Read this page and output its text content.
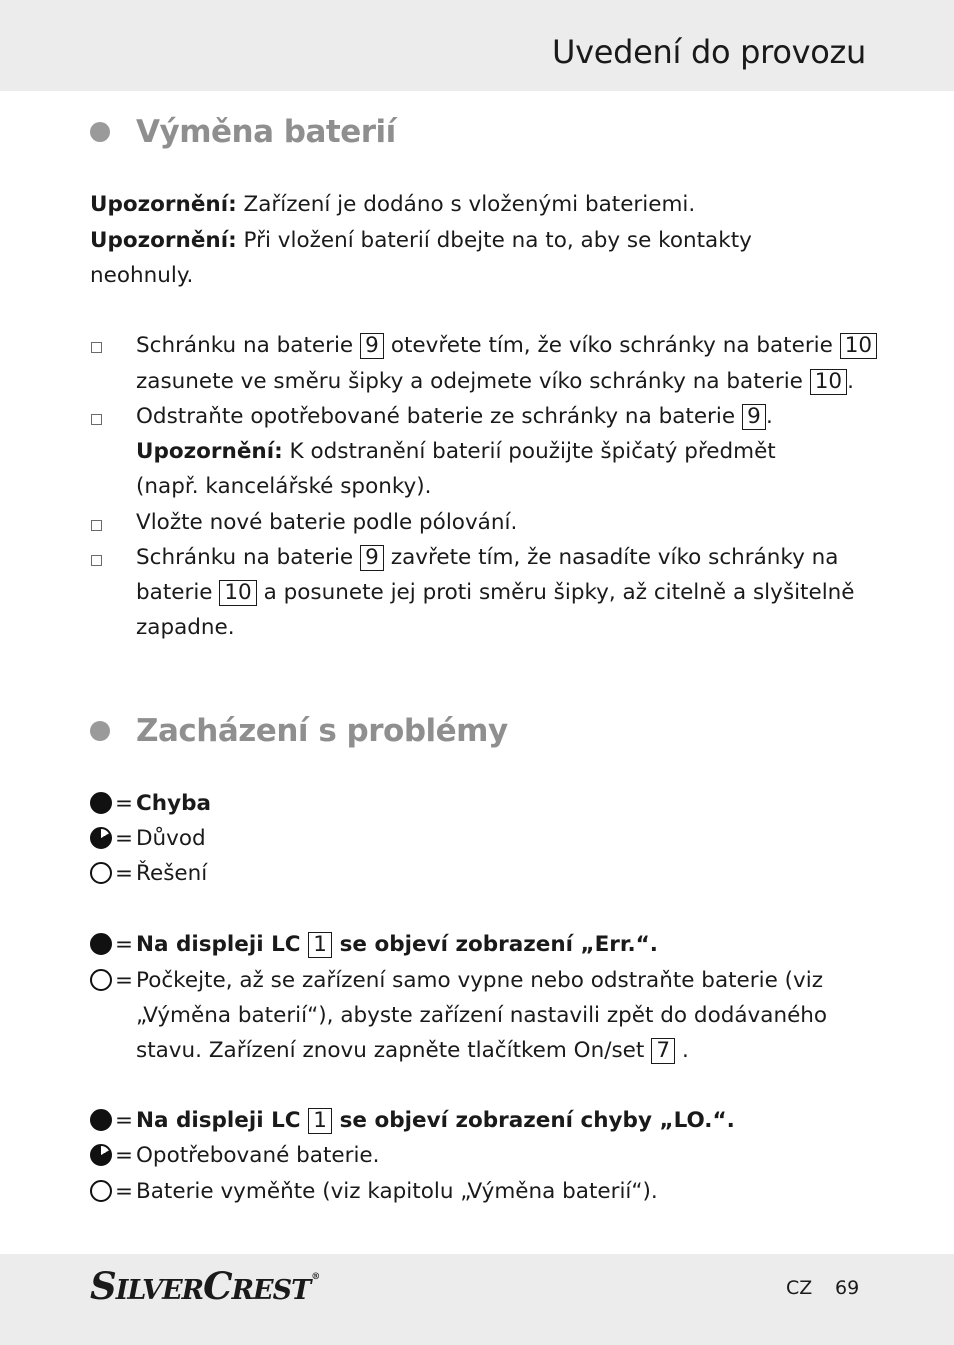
Uvedení do provozu
Výměna baterií
Upozornění: Zařízení je dodáno s vloženými bateriemi.
Upozornění: Při vložení baterií dbejte na to, aby se kontakty
neohnuly.
Schránku na baterie 9 otevřete tím, že víko schránky na baterie 10
zasunete ve směru šipky a odejmete víko schránky na baterie 10 .
Odstraňte opotřebované baterie ze schránky na baterie 9 .
Upozornění: K odstranění baterií použijte špičatý předmět
(např. kancelářské sponky).
Vložte nové baterie podle pólování.
Schránku na baterie 9 zavřete tím, že nasadíte víko schránky na
baterie 10 a posunete jej proti směru šipky, až citelně a slyšitelně
zapadne.
Zacházení s problémy
= Chyba
= Důvod
= Řešení
= Na displeji LC 1 se objeví zobrazení „Err.“.
= Počkejte, až se zařízení samo vypne nebo odstraňte baterie (viz
„Výměna baterií“), abyste zařízení nastavili zpět do dodávaného
stavu. Zařízení znovu zapněte tlačítkem On/set 7 .
= Na displeji LC 1 se objeví zobrazení chyby „LO.“.
= Opotřebované baterie.
= Baterie vyměňte (viz kapitolu „Výměna baterií“).
SILVERCREST®	CZ 69
